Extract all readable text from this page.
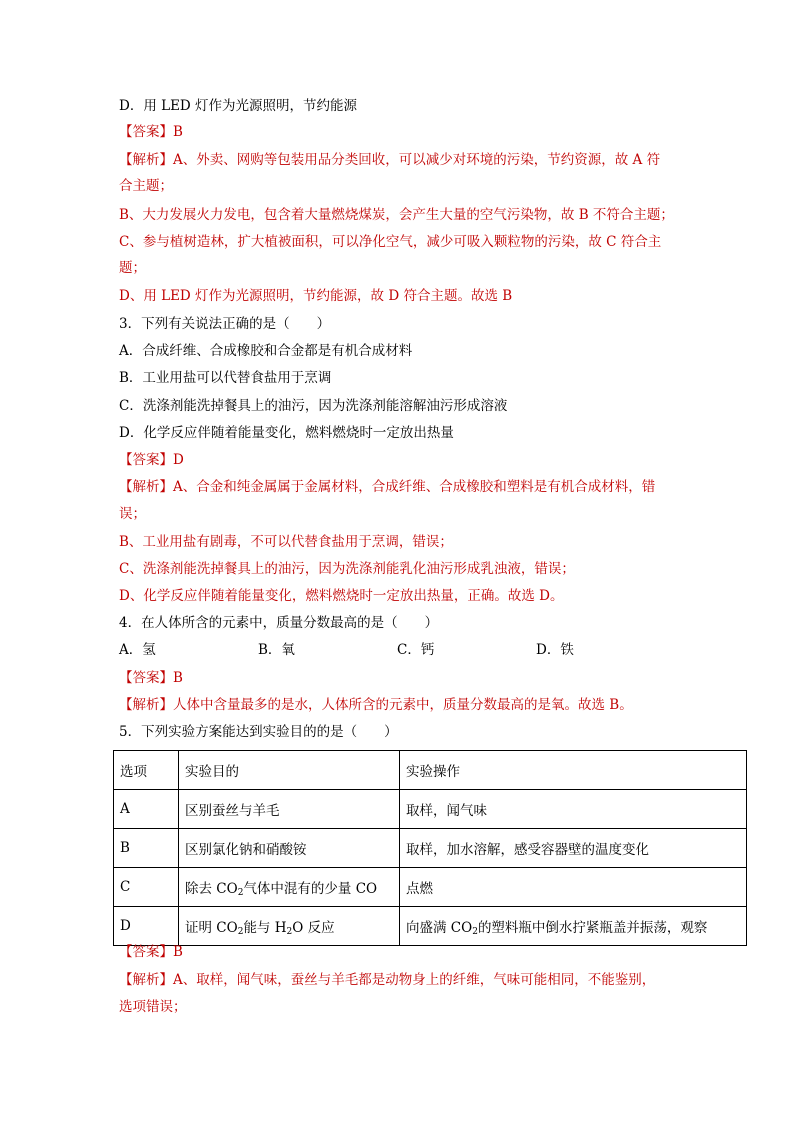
D．用 LED 灯作为光源照明，节约能源
【答案】B
【解析】A、外卖、网购等包装用品分类回收，可以减少对环境的污染，节约资源，故 A 符
合主题；
B、大力发展火力发电，包含着大量燃烧煤炭，会产生大量的空气污染物，故 B 不符合主题；
C、参与植树造林，扩大植被面积，可以净化空气，减少可吸入颗粒物的污染，故 C 符合主
题；
D、用 LED 灯作为光源照明，节约能源，故 D 符合主题。故选 B
3．下列有关说法正确的是（　　）
A．合成纤维、合成橡胶和合金都是有机合成材料
B．工业用盐可以代替食盐用于烹调
C．洗涤剂能洗掉餐具上的油污，因为洗涤剂能溶解油污形成溶液
D．化学反应伴随着能量变化，燃料燃烧时一定放出热量
【答案】D
【解析】A、合金和纯金属属于金属材料，合成纤维、合成橡胶和塑料是有机合成材料，错
误；
B、工业用盐有剧毒，不可以代替食盐用于烹调，错误；
C、洗涤剂能洗掉餐具上的油污，因为洗涤剂能乳化油污形成乳浊液，错误；
D、化学反应伴随着能量变化，燃料燃烧时一定放出热量，正确。故选 D。
4．在人体所含的元素中，质量分数最高的是（　　）
A．氢	B．氧	C．钙	D．铁
【答案】B
【解析】人体中含量最多的是水，人体所含的元素中，质量分数最高的是氧。故选 B。
5．下列实验方案能达到实验目的的是（　　）
选项	实验目的	实验操作
A	区别蚕丝与羊毛	取样，闻气味
B	区别氯化钠和硝酸铵	取样，加水溶解，感受容器壁的温度变化
C	除去 $CO_2$气体中混有的少量 CO	点燃
D	证明 $CO_2$能与 $H_2O$ 反应	向盛满 $CO_2$的塑料瓶中倒水拧紧瓶盖并振荡，观察
【答案】B
【解析】A、取样，闻气味，蚕丝与羊毛都是动物身上的纤维，气味可能相同，不能鉴别，
选项错误；
